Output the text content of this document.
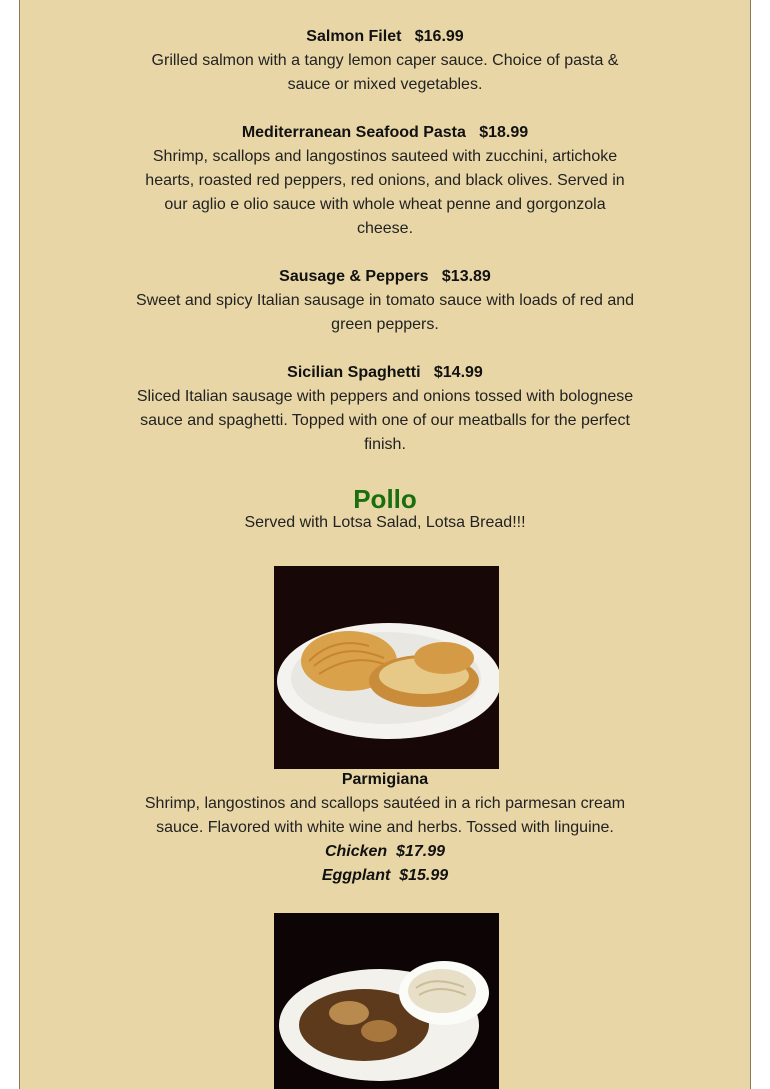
Salmon Filet   $16.99
Grilled salmon with a tangy lemon caper sauce. Choice of pasta & sauce or mixed vegetables.
Mediterranean Seafood Pasta   $18.99
Shrimp, scallops and langostinos sauteed with zucchini, artichoke hearts, roasted red peppers, red onions, and black olives. Served in our aglio e olio sauce with whole wheat penne and gorgonzola cheese.
Sausage & Peppers   $13.89
Sweet and spicy Italian sausage in tomato sauce with loads of red and green peppers.
Sicilian Spaghetti   $14.99
Sliced Italian sausage with peppers and onions tossed with bolognese sauce and spaghetti. Topped with one of our meatballs for the perfect finish.
Pollo
Served with Lotsa Salad, Lotsa Bread!!!
Parmigiana
Shrimp, langostinos and scallops sautéed in a rich parmesan cream sauce. Flavored with white wine and herbs. Tossed with linguine.
Chicken  $17.99
Eggplant  $15.99
